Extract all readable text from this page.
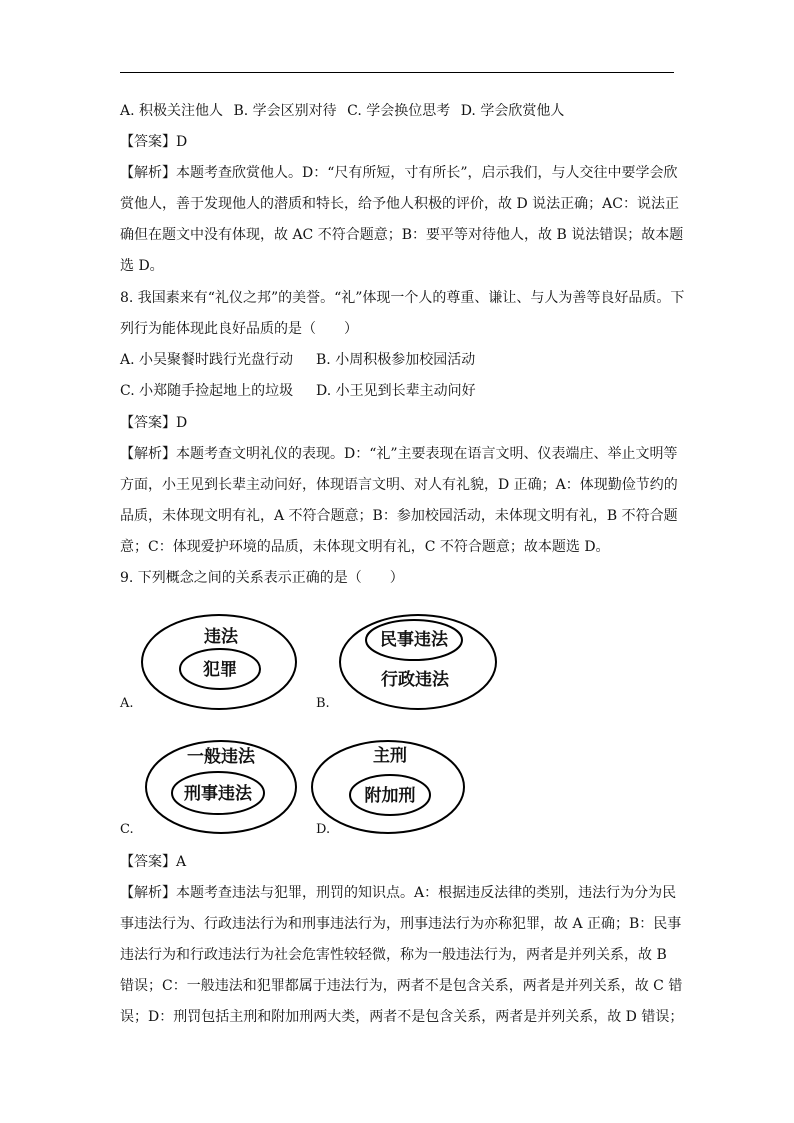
A. 积极关注他人 B. 学会区别对待 C. 学会换位思考 D. 学会欣赏他人
【答案】D
【解析】本题考查欣赏他人。D：“尺有所短，寸有所长”，启示我们，与人交往中要学会欣
赏他人，善于发现他人的潜质和特长，给予他人积极的评价，故 D 说法正确；AC：说法正
确但在题文中没有体现，故 AC 不符合题意；B：要平等对待他人，故 B 说法错误；故本题
选 D。
8. 我国素来有“礼仪之邦”的美誉。“礼”体现一个人的尊重、谦让、与人为善等良好品质。下
列行为能体现此良好品质的是（　　）
A. 小吴聚餐时践行光盘行动 B. 小周积极参加校园活动
C. 小郑随手捡起地上的垃圾 D. 小王见到长辈主动问好
【答案】D
【解析】本题考查文明礼仪的表现。D：“礼”主要表现在语言文明、仪表端庄、举止文明等
方面，小王见到长辈主动问好，体现语言文明、对人有礼貌，D 正确；A：体现勤俭节约的
品质，未体现文明有礼，A 不符合题意；B：参加校园活动，未体现文明有礼，B 不符合题
意；C：体现爱护环境的品质，未体现文明有礼，C 不符合题意；故本题选 D。
9. 下列概念之间的关系表示正确的是（　　）
违法
犯罪
A.
民事违法
行政违法
B.
一般违法
刑事违法
C.
主刑
附加刑
D.
【答案】A
【解析】本题考查违法与犯罪，刑罚的知识点。A：根据违反法律的类别，违法行为分为民
事违法行为、行政违法行为和刑事违法行为，刑事违法行为亦称犯罪，故 A 正确；B：民事
违法行为和行政违法行为社会危害性较轻微，称为一般违法行为，两者是并列关系，故 B
错误；C：一般违法和犯罪都属于违法行为，两者不是包含关系，两者是并列关系，故 C 错
误；D：刑罚包括主刑和附加刑两大类，两者不是包含关系，两者是并列关系，故 D 错误；
